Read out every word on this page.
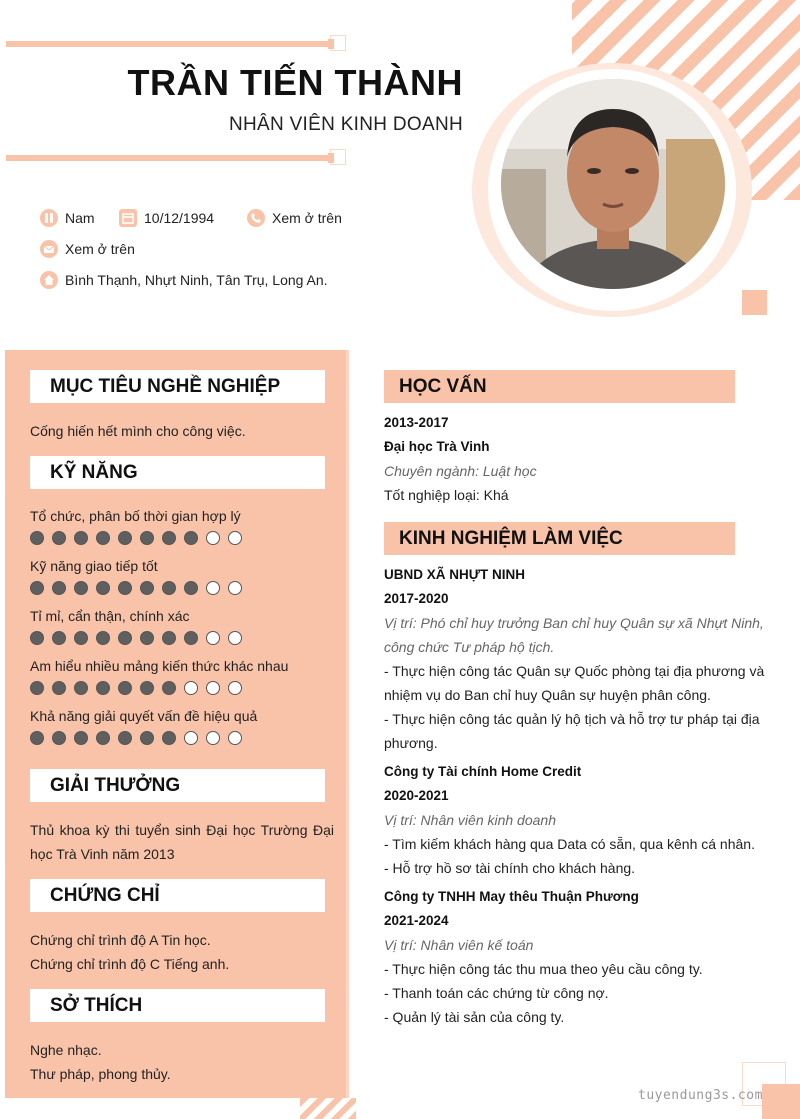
TRẦN TIẾN THÀNH
NHÂN VIÊN KINH DOANH
Nam	10/12/1994	Xem ở trên
Xem ở trên
Bình Thạnh, Nhựt Ninh, Tân Trụ, Long An.
MỤC TIÊU NGHỀ NGHIỆP
Cống hiến hết mình cho công việc.
KỸ NĂNG
Tổ chức, phân bố thời gian hợp lý
Kỹ năng giao tiếp tốt
Tỉ mỉ, cẩn thận, chính xác
Am hiểu nhiều mảng kiến thức khác nhau
Khả năng giải quyết vấn đề hiệu quả
GIẢI THƯỞNG
Thủ khoa kỳ thi tuyển sinh Đại học Trường Đại học Trà Vinh năm 2013
CHỨNG CHỈ
Chứng chỉ trình độ A Tin học.
Chứng chỉ trình độ C Tiếng anh.
SỞ THÍCH
Nghe nhạc.
Thư pháp, phong thủy.
HỌC VẤN
2013-2017
Đại học Trà Vinh
Chuyên ngành: Luật học
Tốt nghiệp loại: Khá
KINH NGHIỆM LÀM VIỆC
UBND XÃ NHỰT NINH
2017-2020
Vị trí: Phó chỉ huy trưởng Ban chỉ huy Quân sự xã Nhựt Ninh,
công chức Tư pháp hộ tịch.
- Thực hiện công tác Quân sự Quốc phòng tại địa phương và
nhiệm vụ do Ban chỉ huy Quân sự huyện phân công.
- Thực hiện công tác quản lý hộ tịch và hỗ trợ tư pháp tại địa
phương.
Công ty Tài chính Home Credit
2020-2021
Vị trí: Nhân viên kinh doanh
- Tìm kiếm khách hàng qua Data có sẵn, qua kênh cá nhân.
- Hỗ trợ hồ sơ tài chính cho khách hàng.
Công ty TNHH May thêu Thuận Phương
2021-2024
Vị trí: Nhân viên kế toán
- Thực hiện công tác thu mua theo yêu cầu công ty.
- Thanh toán các chứng từ công nợ.
- Quản lý tài sản của công ty.
tuyendung3s.com
